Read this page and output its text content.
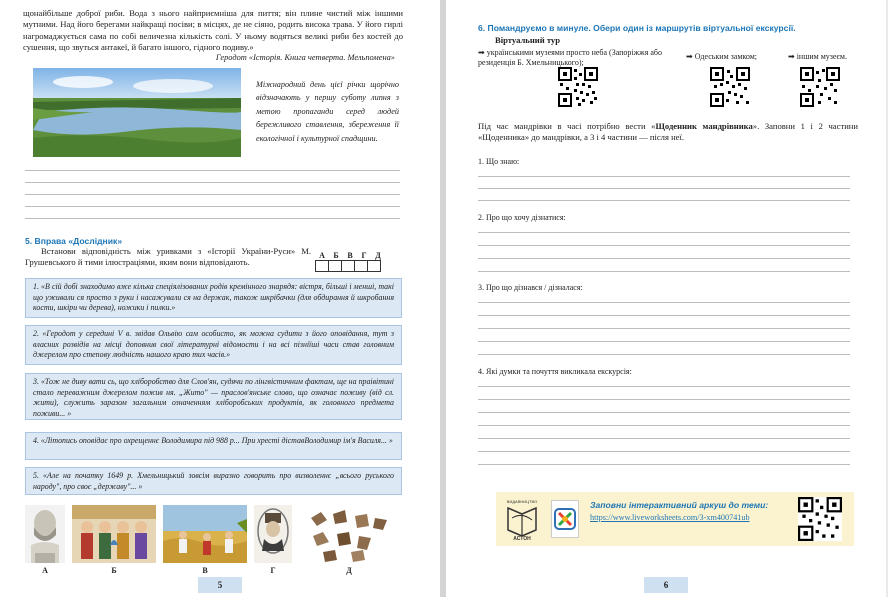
щонайбільше доброї риби. Вода з нього найприємніша для пиття; він плине чистий між іншими мутними. Над його берегами найкращі посіви; в місцях, де не сіяно, родить висока трава. У його гирлі нагромаджується сама по собі величезна кількість солі. У ньому водяться великі риби без костей до сушення, що звуться антакеї, й багато іншого, гідного подиву.»

Геродот «Історія. Книга четверта. Мельпомена»

Міжнародний день цієї річки щорічно відзначають у першу суботу липня з метою пропаганди серед людей бережливого ставлення, збереження її екологічної і культурної спадщини.

5. Вправа «Дослідник»

Встанови відповідність між уривками з «Історії України-Руси» М. Грушевського й тими ілюстраціями, яким вони відповідають.

А	Б	В	Г	Д
1. «В сій добі знаходимо вже кілька спеціялізованих родів кремінного знарядя: вістря, більші і менші, такі що уживали ся просто з руки і насажували ся на держак, також шкрібачки (для обдирання й шкробання кости, шкіри чи дерева), ножики і пилки.»
2. «Геродот у середині V в. звідав Ольвію сам особисто, як можна судити з його оповідання, тут з власних розвідів на місці доповнив свої літературні відомости і на всі пізніїші часи став головним джерелом про степову людність нашого краю тих часів.»
3. «Тож не диву вати сь, що хліборобство для Слов'ян, судячи по лінгвістичним фактам, ще на праівітині стало переважним джерелом пожив ня. „Жито" — праслов'янське слово, що означає поживу (від сл. жити), служить заразом загальним означенням хліборобських продуктів, як головного предмета поживи... »
4. «Літопись оповідає про охрещеннє Володимира під 988 р... При хресті діставВолодимир ім'я Василя... »
5. «Але на початку 1649 р. Хмельницький зовсім виразно говорить про визволеннє „всього руського народу", про своє „державу"... »
А	Б	В	Г	Д
5
6. Помандруємо в минуле. Обери один із маршрутів віртуальної екскурсії.
Віртуальний тур
➡ українськими музеями просто неба (Запоріжжя або резиденція Б. Хмельницького);
➡ Одеським замком;	➡ іншим музеєм.

Під час мандрівки в часі потрібно вести «Щоденник мандрівника». Заповни 1 і 2 частини «Щоденника» до мандрівки, а 3 і 4 частини — після неї.

1. Що знаю:
2. Про що хочу дізнатися:
3. Про що дізнався / дізналася:
4. Які думки та почуття викликала екскурсія:
ВИДАВНИЦТВО
АСТОН
Заповни інтерактивний аркуш до теми:
https://www.liveworksheets.com/3-xm400741ub
6
